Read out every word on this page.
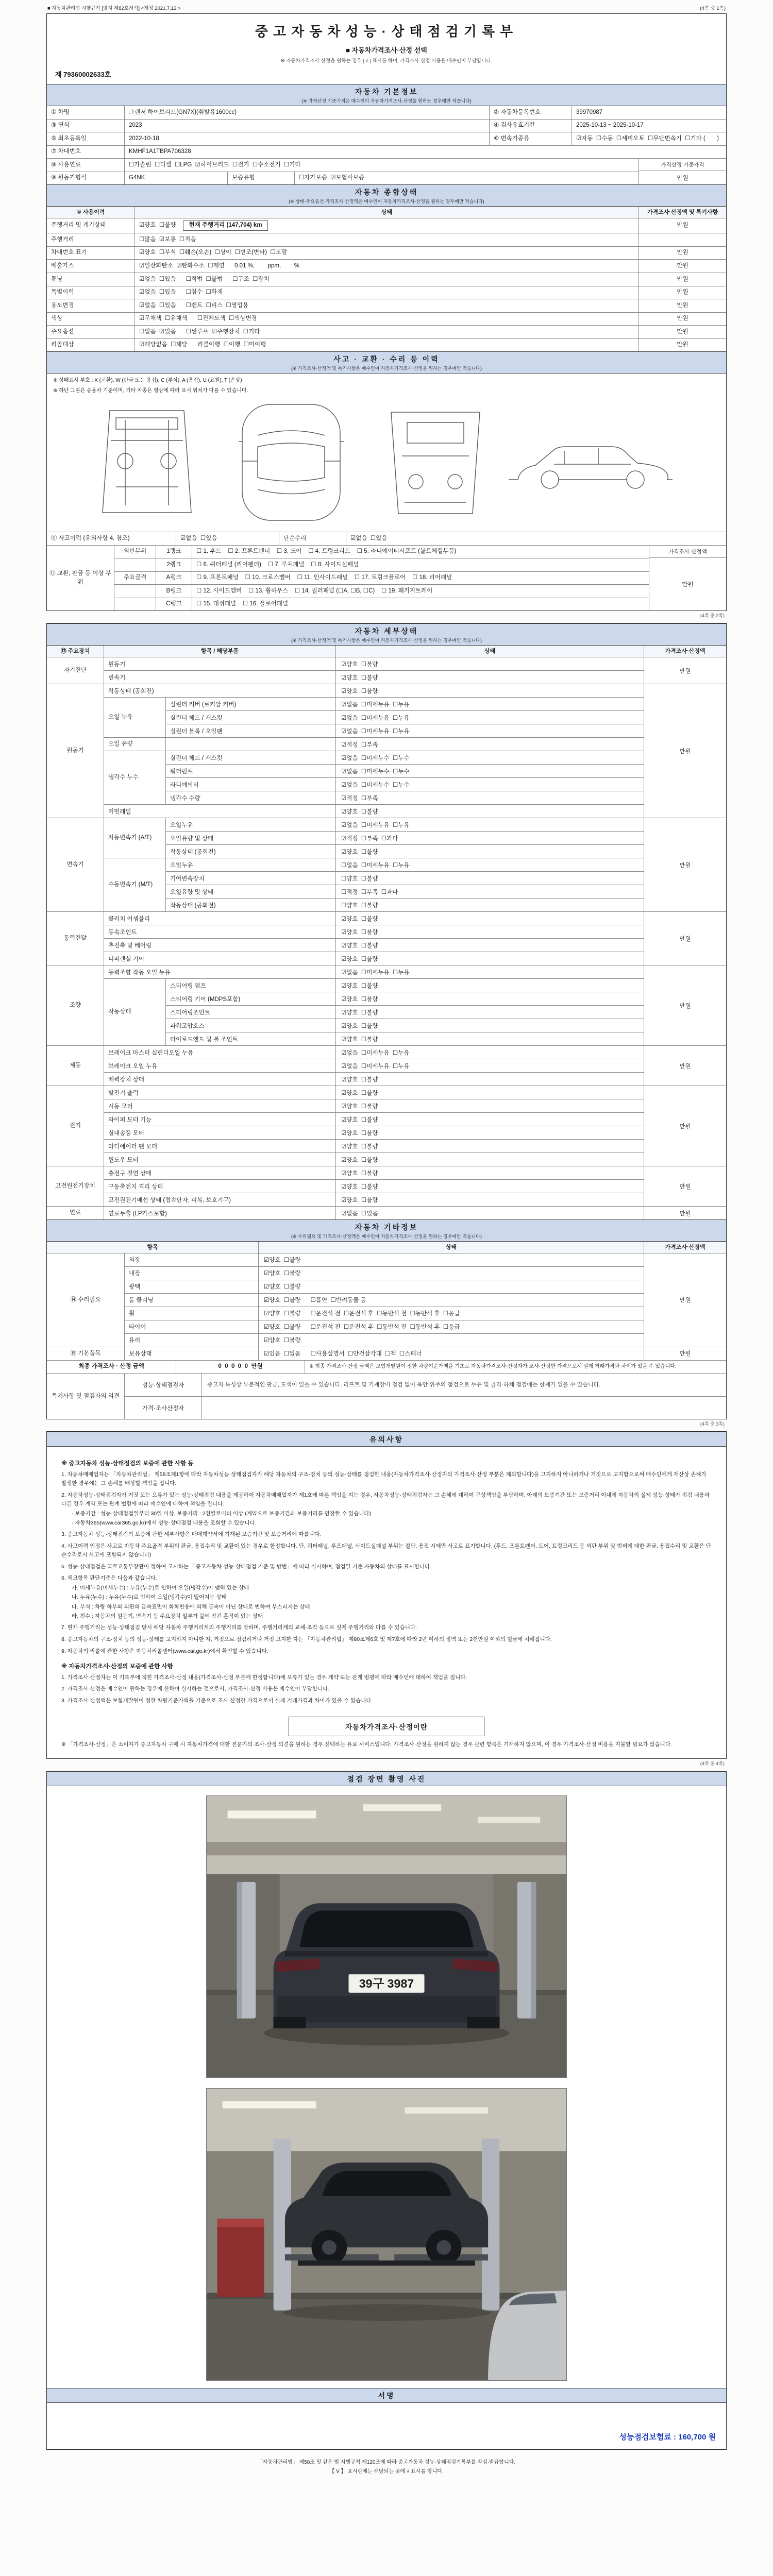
■ 자동차관리법 시행규칙 [별지 제82호서식] <개정 2021.7.13.>	(4쪽 중 1쪽)
중고자동차성능·상태점검기록부
■ 자동차가격조사·산정 선택
※ 자동차가격조사·산정을 원하는 경우 [ √ ] 표시를 하며, 가격조사·산정 비용은 매수인이 부담합니다.
제 79360002633호
자동차 기본정보
(※ 가격산정 기준가격은 매수인이 자동차가격조사·산정을 원하는 경우에만 적습니다)
① 차명	그랜저 하이브리드(GN7X)(휘발유1600cc)	② 자동차등록번호	39970987
③ 연식	2023	④ 검사유효기간	2025-10-13 ~ 2025-10-17
⑤ 최초등록일	2022-10-18	⑥ 변속기종류	☑자동  ☐수동  ☐세미오토  ☐무단변속기  ☐기타 (       )
⑦ 차대번호	KMHF1A1TBPA706328
⑧ 사용연료	☐가솔린  ☐디젤  ☐LPG  ☑하이브리드  ☐전기  ☐수소전기  ☐기타
⑨ 원동기형식	G4NK	보증유형	☐자가보증  ☑보험사보증
가격산정 기준가격
만원
자동차 종합상태
(※ 상태·주요옵션·가격조사·산정액은 매수인이 자동차가격조사·산정을 원하는 경우에만 적습니다)
⑩ 사용이력	상태	가격조사·산정액 및 특기사항
주행거리 및 계기상태	☑양호  ☐불량	현재 주행거리 (147,704) km	만원
주행거리	☐많음  ☑보통  ☐적음
차대번호 표기	☑양호  ☐부식  ☐훼손(오손)  ☐상이  ☐변조(변타)  ☐도말	만원
배출가스	☑일산화탄소  ☑탄화수소  ☐매연      0.01 %,        ppm,        %	만원
튜닝	☑없음  ☐있음      ☐적법  ☐불법      ☐구조  ☐장치	만원
특별이력	☑없음  ☐있음      ☐침수  ☐화재	만원
용도변경	☑없음  ☐있음      ☐렌트  ☐리스  ☐영업용	만원
색상	☑무채색  ☐유채색      ☐전체도색  ☐색상변경	만원
주요옵션	☐없음  ☑있음      ☐썬루프  ☑주행장치  ☐기타	만원
리콜대상	☑해당없음  ☐해당      리콜이행  ☐이행  ☐미이행	만원
사고 · 교환 · 수리 등 이력
(※ 가격조사·산정액 및 특기사항은 매수인이 자동차가격조사·산정을 원하는 경우에만 적습니다)
※ 상태표시 부호 : X (교환), W (판금 또는 용접), C (부식), A (흠집), U (요철), T (손상)
※ 하단 그림은 승용차 기준이며, 기타 차종은 형상에 따라 표시 위치가 다를 수 있습니다.
⑪ 사고이력 (유의사항 4. 참조)	☑없음  ☐있음	단순수리	☑없음  ☐있음
⑫ 교환, 판금 등 이상 부위
외판부위	1랭크	☐ 1. 후드    ☐ 2. 프론트펜더    ☐ 3. 도어    ☐ 4. 트렁크리드    ☐ 5. 라디에이터서포트 (볼트체결부품)
2랭크	☐ 6. 쿼터패널 (리어펜더)    ☐ 7. 루프패널    ☐ 8. 사이드실패널
주요골격	A랭크	☐ 9. 프론트패널    ☐ 10. 크로스멤버    ☐ 11. 인사이드패널    ☐ 17. 트렁크플로어    ☐ 18. 리어패널
B랭크	☐ 12. 사이드멤버    ☐ 13. 휠하우스    ☐ 14. 필러패널 (☐A, ☐B, ☐C)    ☐ 19. 패키지트레이
C랭크	☐ 15. 대쉬패널    ☐ 16. 플로어패널
가격조사·산정액
만원
(4쪽 중 2쪽)
자동차 세부상태
(※ 가격조사·산정액 및 특기사항은 매수인이 자동차가격조사·산정을 원하는 경우에만 적습니다)
⑬ 주요장치	항목 / 해당부품	상태	가격조사·산정액
자기진단
원동기	☑양호  ☐불량
변속기	☑양호  ☐불량
만원
원동기
작동상태 (공회전)	☑양호  ☐불량
오일 누유
실린더 커버 (로커암 커버)	☑없음  ☐미세누유  ☐누유
실린더 헤드 / 개스킷	☑없음  ☐미세누유  ☐누유
실린더 블록 / 오일팬	☑없음  ☐미세누유  ☐누유
오일 유량	☑적정  ☐부족
냉각수 누수
실린더 헤드 / 개스킷	☑없음  ☐미세누수  ☐누수
워터펌프	☑없음  ☐미세누수  ☐누수
라디에이터	☑없음  ☐미세누수  ☐누수
냉각수 수량	☑적정  ☐부족
커먼레일	☑양호  ☐불량
만원
변속기
자동변속기 (A/T)
오일누유	☑없음  ☐미세누유  ☐누유
오일유량 및 상태	☑적정  ☐부족  ☐과다
작동상태 (공회전)	☑양호  ☐불량
수동변속기 (M/T)
오일누유	☐없음  ☐미세누유  ☐누유
기어변속장치	☐양호  ☐불량
오일유량 및 상태	☐적정  ☐부족  ☐과다
작동상태 (공회전)	☐양호  ☐불량
만원
동력전달
클러치 어셈블리	☑양호  ☐불량
등속조인트	☑양호  ☐불량
추진축 및 베어링	☑양호  ☐불량
디퍼렌셜 기어	☑양호  ☐불량
만원
조향
동력조향 작동 오일 누유	☑없음  ☐미세누유  ☐누유
작동상태
스티어링 펌프	☑양호  ☐불량
스티어링 기어 (MDPS포함)	☑양호  ☐불량
스티어링조인트	☑양호  ☐불량
파워고압호스	☑양호  ☐불량
타이로드엔드 및 볼 조인트	☑양호  ☐불량
만원
제동
브레이크 마스터 실린더오일 누유	☑없음  ☐미세누유  ☐누유
브레이크 오일 누유	☑없음  ☐미세누유  ☐누유
배력장치 상태	☑양호  ☐불량
만원
전기
발전기 출력	☑양호  ☐불량
시동 모터	☑양호  ☐불량
와이퍼 모터 기능	☑양호  ☐불량
실내송풍 모터	☑양호  ☐불량
라디에이터 팬 모터	☑양호  ☐불량
윈도우 모터	☑양호  ☐불량
만원
고전원전기장치
충전구 절연 상태	☑양호  ☐불량
구동축전지 격리 상태	☑양호  ☐불량
고전원전기배선 상태 (접속단자, 피복, 보호기구)	☑양호  ☐불량
만원
연료	연료누출 (LP가스포함)	☑없음  ☐있음	만원
자동차 기타정보
(※ 수리필요 및 가격조사·산정액은 매수인이 자동차가격조사·산정을 원하는 경우에만 적습니다)
항목	상태	가격조사·산정액
⑭ 수리필요
외장	☑양호  ☐불량
내장	☑양호  ☐불량
광택	☑양호  ☐불량
룸 클리닝	☑양호  ☐불량      ☐흡연  ☐반려동물 등
휠	☑양호  ☐불량      ☐운전석 전  ☐운전석 후  ☐동반석 전  ☐동반석 후  ☐응급
타이어	☑양호  ☐불량      ☐운전석 전  ☐운전석 후  ☐동반석 전  ☐동반석 후  ☐응급
유리	☑양호  ☐불량
만원
⑮ 기본품목	보유상태	☑있음  ☐없음      ☐사용설명서  ☐안전삼각대  ☐잭  ☐스패너	만원
최종 가격조사 · 산정 금액	0  0  0  0  0  만원	※ 최종 가격조사·산정 금액은 보험개발원이 정한 차량기준가액을 기초로 자동차가격조사·산정자가 조사·산정한 가격으로서 실제 거래가격과 차이가 있을 수 있습니다.
특기사항 및 점검자의 의견
성능·상태점검자	중고차 특성상 부분적인 판금, 도색이 있을 수 있습니다. 리프트 및 기계장비 점검 없이 육안 위주의 점검으로 누유 및 골격·하체 점검에는 한계가 있을 수 있습니다.
가격·조사산정자
(4쪽 중 3쪽)
유의사항
※ 중고자동차 성능·상태점검의 보증에 관한 사항 등
1. 자동차매매업자는 「자동차관리법」 제58조제1항에 따라 자동차성능·상태점검자가 해당 자동차의 구조·장치 등의 성능·상태를 점검한 내용(자동차가격조사·산정자의 가격조사·산정 부분은 제외합니다)을 고지하지 아니하거나 거짓으로 고지함으로써 매수인에게 재산상 손해가 발생한 경우에는 그 손해를 배상할 책임을 집니다.
2. 자동차성능·상태점검자가 거짓 또는 오류가 있는 성능·상태점검 내용을 제공하여 자동차매매업자가 제1호에 따른 책임을 지는 경우, 자동차성능·상태점검자는 그 손해에 대하여 구상책임을 부담하며, 아래의 보증기간 또는 보증거리 이내에 자동차의 실제 성능·상태가 점검 내용과 다른 경우 계약 또는 관계 법령에 따라 매수인에 대하여 책임을 집니다.
- 보증기간 : 성능·상태점검일부터 30일 이상, 보증거리 : 2천킬로미터 이상 (계약으로 보증기간과 보증거리를 연장할 수 있습니다)
- 자동차365(www.car365.go.kr)에서 성능·상태점검 내용을 조회할 수 있습니다.
3. 중고자동차 성능·상태점검의 보증에 관한 세부사항은 매매계약서에 기재된 보증기간 및 보증거리에 따릅니다.
4. 사고이력 인정은 사고로 자동차 주요골격 부위의 판금, 용접수리 및 교환이 있는 경우로 한정합니다. 단, 쿼터패널, 루프패널, 사이드실패널 부위는 절단, 용접 시에만 사고로 표기합니다. (후드, 프론트펜더, 도어, 트렁크리드 등 외판 부위 및 범퍼에 대한 판금, 용접수리 및 교환은 단순수리로서 사고에 포함되지 않습니다)
5. 성능·상태점검은 국토교통부장관이 정하여 고시하는 「중고자동차 성능·상태점검 기준 및 방법」에 따라 실시하며, 점검일 기준 자동차의 상태를 표시합니다.
6. 체크항목 판단기준은 다음과 같습니다.
가. 미세누유(미세누수) : 누유(누수)로 인하여 오일(냉각수)이 맺혀 있는 상태
나. 누유(누수) : 누유(누수)로 인하여 오일(냉각수)이 떨어지는 상태
다. 부식 : 차량 하부와 외판의 금속표면이 화학반응에 의해 금속이 아닌 상태로 변하여 부스러지는 상태
라. 침수 : 자동차의 원동기, 변속기 등 주요장치 일부가 물에 잠긴 흔적이 있는 상태
7. 현재 주행거리는 성능·상태점검 당시 해당 자동차 주행거리계의 주행거리를 말하며, 주행거리계의 교체·조작 등으로 실제 주행거리와 다를 수 있습니다.
8. 중고자동차의 구조·장치 등의 성능·상태를 고지하지 아니한 자, 거짓으로 점검하거나 거짓 고지한 자는 「자동차관리법」 제80조제6호 및 제7호에 따라 2년 이하의 징역 또는 2천만원 이하의 벌금에 처해집니다.
9. 자동차의 리콜에 관한 사항은 자동차리콜센터(www.car.go.kr)에서 확인할 수 있습니다.
※ 자동차가격조사·산정의 보증에 관한 사항
1. 가격조사·산정자는 이 기록부에 적힌 가격조사·산정 내용(가격조사·산정 부분에 한정합니다)에 오류가 있는 경우 계약 또는 관계 법령에 따라 매수인에 대하여 책임을 집니다.
2. 가격조사·산정은 매수인이 원하는 경우에 한하여 실시하는 것으로서, 가격조사·산정 비용은 매수인이 부담합니다.
3. 가격조사·산정액은 보험개발원이 정한 차량기준가액을 기준으로 조사·산정한 가격으로서 실제 거래가격과 차이가 있을 수 있습니다.
자동차가격조사·산정이란
※ 「가격조사·산정」은 소비자가 중고자동차 구매 시 자동차가격에 대한 전문가의 조사·산정 의견을 원하는 경우 선택하는 유료 서비스입니다. 가격조사·산정을 원하지 않는 경우 관련 항목은 기재하지 않으며, 이 경우 가격조사·산정 비용을 지불할 필요가 없습니다.
(4쪽 중 4쪽)
점검 장면 촬영 사진
39구 3987
서명
성능점검보험료 : 160,700 원
「자동차관리법」 제58조 및 같은 법 시행규칙 제120조에 따라 중고자동차 성능·상태점검기록부를 작성·발급합니다.
【 V 】 표시란에는 해당되는 곳에 √ 표시를 합니다.
